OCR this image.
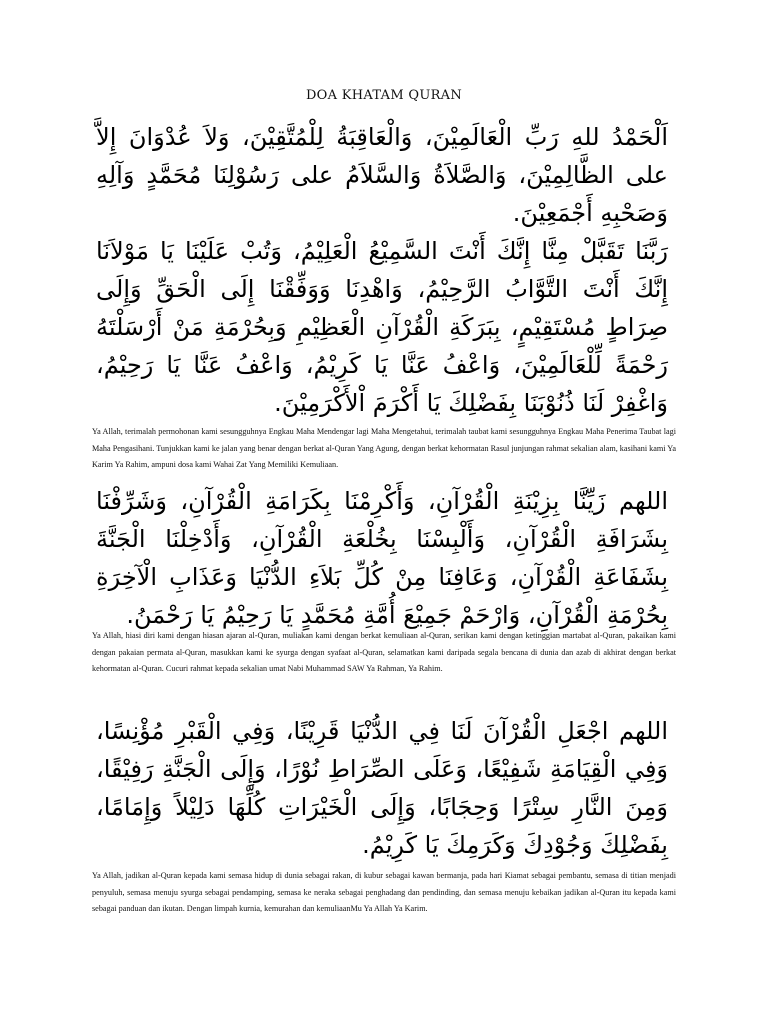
DOA KHATAM QURAN
اَلْحَمْدُ للهِ رَبِّ الْعَالَمِيْنَ، وَالْعَاقِبَةُ لِلْمُتَّقِيْنَ، وَلاَ عُدْوَانَ إِلاَّ على الظَّالِمِيْنَ، وَالصَّلاَةُ وَالسَّلاَمُ على رَسُوْلِنَا مُحَمَّدٍ وَآلِهِ وَصَحْبِهِ أَجْمَعِيْنَ.
رَبَّنَا تَقَبَّلْ مِنَّا إِنَّكَ أَنْتَ السَّمِيْعُ الْعَلِيْمُ، وَتُبْ عَلَيْنَا يَا مَوْلاَنَا إِنَّكَ أَنْتَ التَّوَّابُ الرَّحِيْمُ، وَاهْدِنَا وَوَفِّقْنَا إِلَى الْحَقِّ وَإِلَى صِرَاطٍ مُسْتَقِيْمٍ، بِبَرَكَةِ الْقُرْآنِ الْعَظِيْمِ وَبِحُرْمَةِ مَنْ أَرْسَلْتَهُ رَحْمَةً لِّلْعَالَمِيْنَ، وَاعْفُ عَنَّا يَا كَرِيْمُ، وَاعْفُ عَنَّا يَا رَحِيْمُ، وَاغْفِرْ لَنَا ذُنُوْبَنَا بِفَضْلِكَ يَا أَكْرَمَ اْلأَكْرَمِيْنَ.
Ya Allah, terimalah permohonan kami sesungguhnya Engkau Maha Mendengar lagi Maha Mengetahui, terimalah taubat kami sesungguhnya Engkau Maha Penerima Taubat lagi Maha Pengasihani. Tunjukkan kami ke jalan yang benar dengan berkat al-Quran Yang Agung, dengan berkat kehormatan Rasul junjungan rahmat sekalian alam, kasihani kami Ya Karim Ya Rahim, ampuni dosa kami Wahai Zat Yang Memiliki Kemuliaan.
اللهم زَيِّنَّا بِزِيْنَةِ الْقُرْآنِ، وَأَكْرِمْنَا بِكَرَامَةِ الْقُرْآنِ، وَشَرِّفْنَا بِشَرَافَةِ الْقُرْآنِ، وَأَلْبِسْنَا بِخُلْعَةِ الْقُرْآنِ، وَأَدْخِلْنَا الْجَنَّةَ بِشَفَاعَةِ الْقُرْآنِ، وَعَافِنَا مِنْ كُلِّ بَلاَءِ الدُّنْيَا وَعَذَابِ الْآخِرَةِ بِحُرْمَةِ الْقُرْآنِ، وَارْحَمْ جَمِيْعَ أُمَّةِ مُحَمَّدٍ يَا رَحِيْمُ يَا رَحْمَنُ.
Ya Allah, hiasi diri kami dengan hiasan ajaran al-Quran, muliakan kami dengan berkat kemuliaan al-Quran, serikan kami dengan ketinggian martabat al-Quran, pakaikan kami dengan pakaian permata al-Quran, masukkan kami ke syurga dengan syafaat al-Quran, selamatkan kami daripada segala bencana di dunia dan azab di akhirat dengan berkat kehormatan al-Quran. Cucuri rahmat kepada sekalian umat Nabi Muhammad SAW Ya Rahman, Ya Rahim.
اللهم اجْعَلِ الْقُرْآنَ لَنَا فِي الدُّنْيَا قَرِيْنًا، وَفِي الْقَبْرِ مُؤْنِسًا، وَفِي الْقِيَامَةِ شَفِيْعًا، وَعَلَى الصِّرَاطِ نُوْرًا، وَإِلَى الْجَنَّةِ رَفِيْقًا، وَمِنَ النَّارِ سِتْرًا وَحِجَابًا، وَإِلَى الْخَيْرَاتِ كُلِّهَا دَلِيْلاً وَإِمَامًا، بِفَضْلِكَ وَجُوْدِكَ وَكَرَمِكَ يَا كَرِيْمُ.
Ya Allah, jadikan al-Quran kepada kami semasa hidup di dunia sebagai rakan, di kubur sebagai kawan bermanja, pada hari Kiamat sebagai pembantu, semasa di titian menjadi penyuluh, semasa menuju syurga sebagai pendamping, semasa ke neraka sebagai penghadang dan pendinding, dan semasa menuju kebaikan jadikan al-Quran itu kepada kami sebagai panduan dan ikutan. Dengan limpah kurnia, kemurahan dan kemuliaanMu Ya Allah Ya Karim.
